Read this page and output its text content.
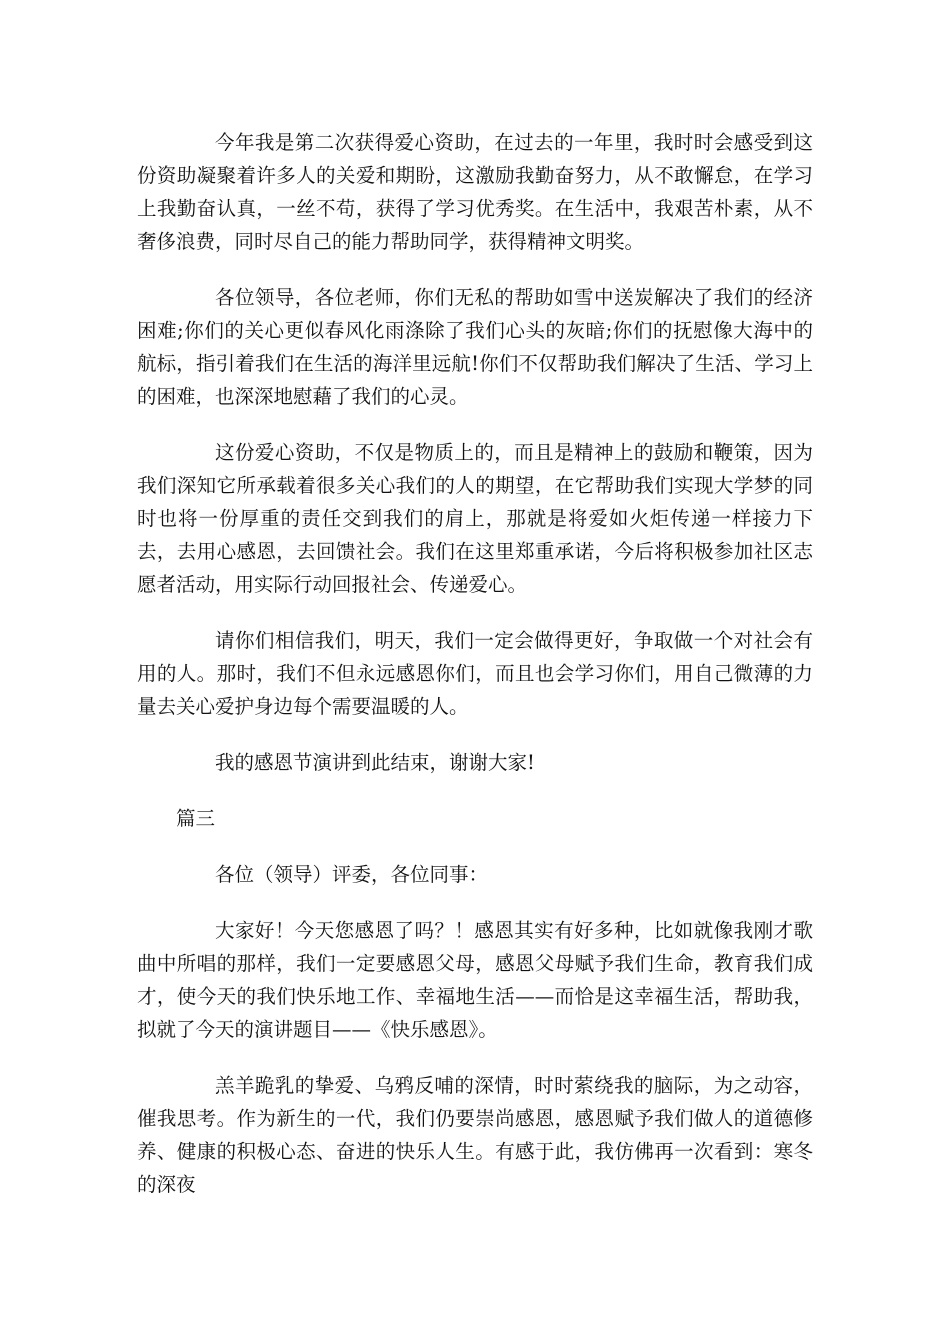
今年我是第二次获得爱心资助，在过去的一年里，我时时会感受到这份资助凝聚着许多人的关爱和期盼，这激励我勤奋努力，从不敢懈怠，在学习上我勤奋认真，一丝不苟，获得了学习优秀奖。在生活中，我艰苦朴素，从不奢侈浪费，同时尽自己的能力帮助同学，获得精神文明奖。

各位领导，各位老师，你们无私的帮助如雪中送炭解决了我们的经济困难;你们的关心更似春风化雨涤除了我们心头的灰暗;你们的抚慰像大海中的航标，指引着我们在生活的海洋里远航!你们不仅帮助我们解决了生活、学习上的困难，也深深地慰藉了我们的心灵。

这份爱心资助，不仅是物质上的，而且是精神上的鼓励和鞭策，因为我们深知它所承载着很多关心我们的人的期望，在它帮助我们实现大学梦的同时也将一份厚重的责任交到我们的肩上，那就是将爱如火炬传递一样接力下去，去用心感恩，去回馈社会。我们在这里郑重承诺，今后将积极参加社区志愿者活动，用实际行动回报社会、传递爱心。

请你们相信我们，明天，我们一定会做得更好，争取做一个对社会有用的人。那时，我们不但永远感恩你们，而且也会学习你们，用自己微薄的力量去关心爱护身边每个需要温暖的人。

我的感恩节演讲到此结束，谢谢大家!

篇三

各位（领导）评委，各位同事：

大家好！今天您感恩了吗？！感恩其实有好多种，比如就像我刚才歌曲中所唱的那样，我们一定要感恩父母，感恩父母赋予我们生命，教育我们成才，使今天的我们快乐地工作、幸福地生活——而恰是这幸福生活，帮助我，拟就了今天的演讲题目——《快乐感恩》。

羔羊跪乳的挚爱、乌鸦反哺的深情，时时萦绕我的脑际，为之动容，催我思考。作为新生的一代，我们仍要崇尚感恩，感恩赋予我们做人的道德修养、健康的积极心态、奋进的快乐人生。有感于此，我仿佛再一次看到：寒冬的深夜
